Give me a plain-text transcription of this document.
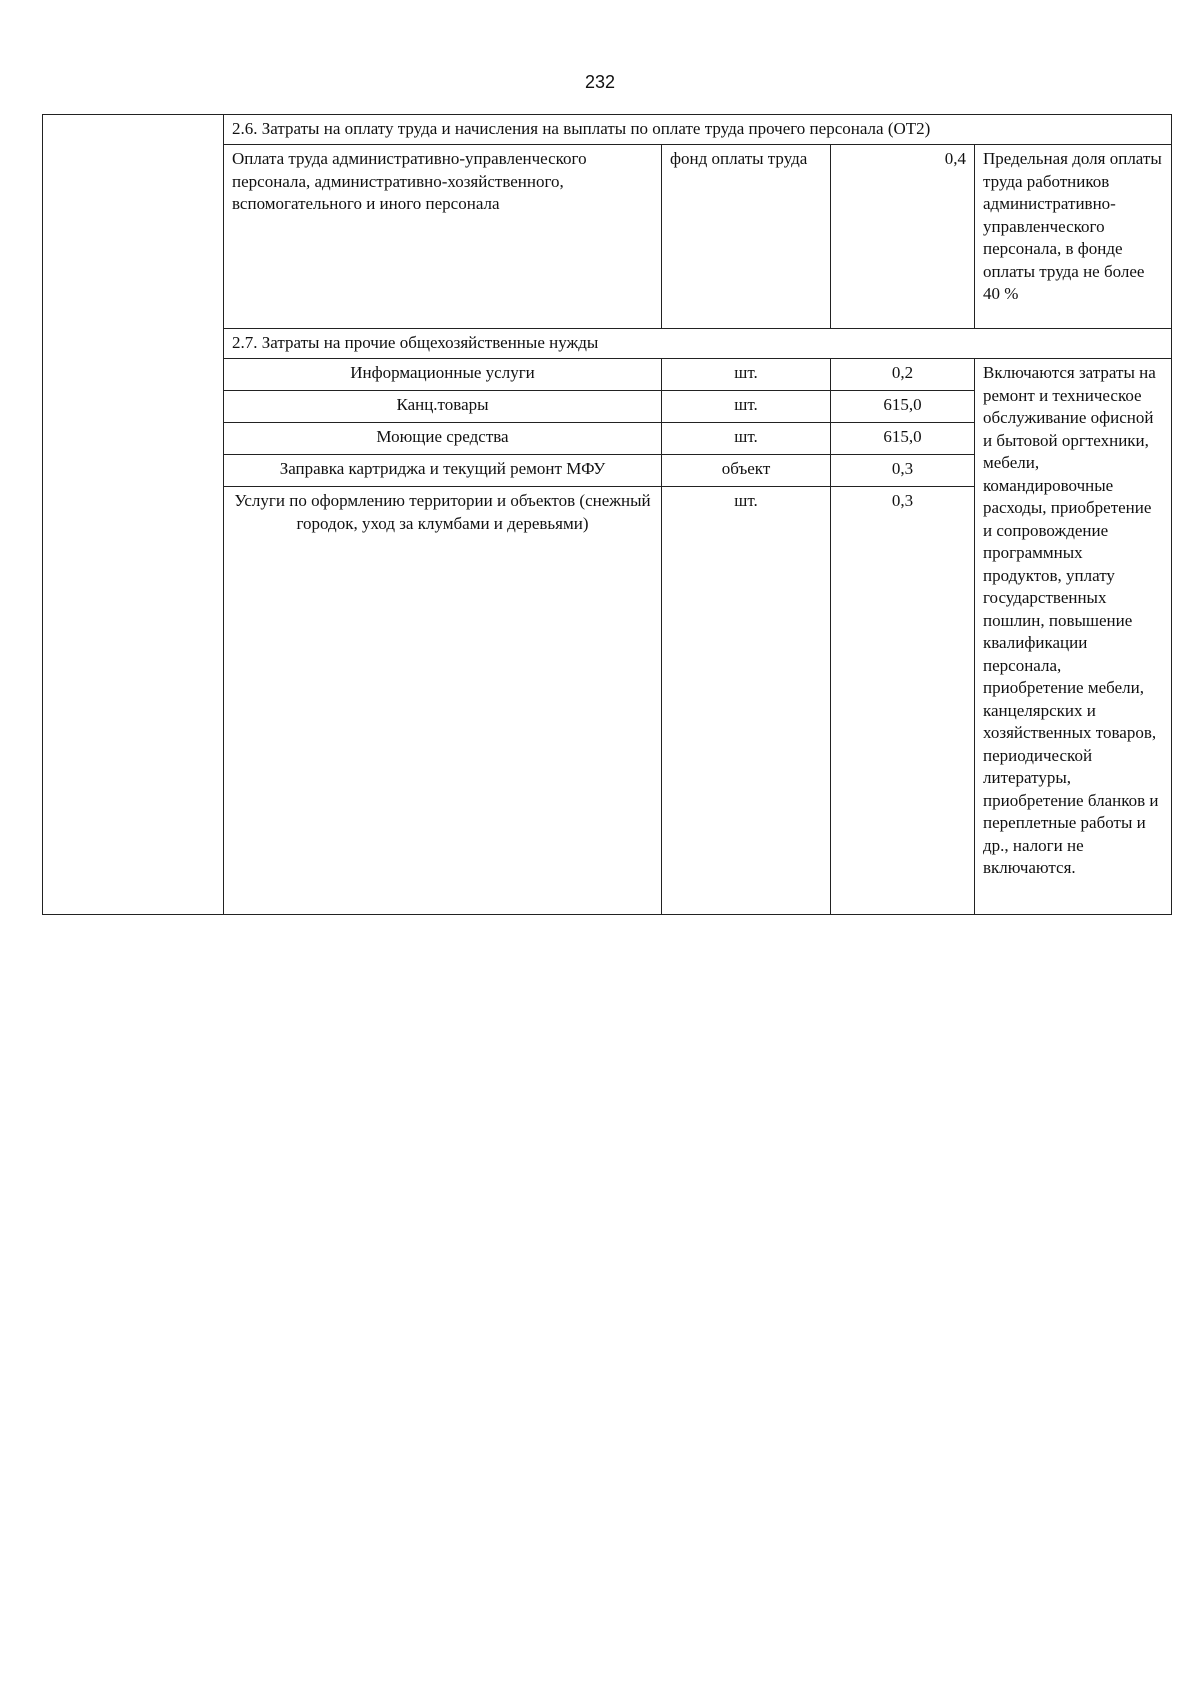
232
	2.6. Затраты на оплату труда и начисления на выплаты по оплате труда прочего персонала (ОТ2)			
	Оплата труда административно-управленческого персонала, административно-хозяйственного, вспомогательного и иного персонала	фонд оплаты труда	0,4	Предельная доля оплаты труда работников административно-управленческого персонала, в фонде оплаты труда не более 40 %
	2.7. Затраты на прочие общехозяйственные нужды			
	Информационные услуги	шт.	0,2	Включаются затраты на ремонт и техническое обслуживание офисной и бытовой оргтехники, мебели, командировочные расходы, приобретение и сопровождение программных продуктов, уплату государственных пошлин, повышение квалификации персонала, приобретение мебели, канцелярских и хозяйственных товаров, периодической литературы, приобретение бланков и переплетные работы и др., налоги не включаются.
	Канц.товары	шт.	615,0	
	Моющие средства	шт.	615,0	
	Заправка картриджа и текущий ремонт МФУ	объект	0,3	
	Услуги по оформлению территории и объектов (снежный городок, уход за клумбами и деревьями)	шт.	0,3	
